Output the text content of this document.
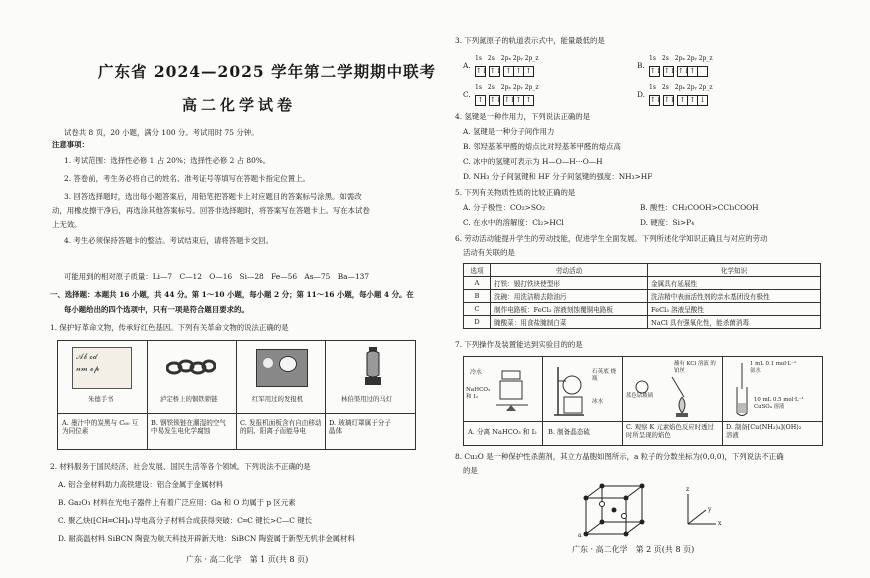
广东省 2024—2025 学年第二学期期中联考
高二化学试卷
试卷共 8 页，20 小题，满分 100 分。考试用时 75 分钟。
注意事项：
1. 考试范围：选择性必修 1 占 20%；选择性必修 2 占 80%。
2. 答卷前，考生务必将自己的姓名、准考证号等填写在答题卡指定位置上。
3. 回答选择题时，选出每小题答案后，用铅笔把答题卡上对应题目的答案标号涂黑。如需改
动，用橡皮擦干净后，再选涂其他答案标号。回答非选择题时，将答案写在答题卡上。写在本试卷
上无效。
4. 考生必须保持答题卡的整洁。考试结束后，请将答题卡交回。
可能用到的相对原子质量：Li—7　C—12　O—16　Si—28　Fe—56　As—75　Ba—137
一、选择题：本题共 16 小题，共 44 分。第 1～10 小题，每小题 2 分；第 11～16 小题，每小题 4 分。在
每小题给出的四个选项中，只有一项是符合题目要求的。
1. 保护好革命文物，传承好红色基因。下列有关革命文物的说法正确的是
𝒜𝒷 𝒸𝒹
𝓃𝓂 ℴ𝓅
朱德手书	泸定桥上的铜铁锁链	红军用过的发报机	林伯渠用过的马灯
A. 墨汁中的炭黑与 C₆₀ 互
为同位素
B. 钢铁锁链在潮湿的空气
中易发生电化学腐蚀
C. 发报机面板含有自由移动
的阴、阳离子而能导电
D. 玻璃灯罩属于分子
晶体
2. 材料服务于国民经济、社会发展、国民生活等各个领域。下列说法不正确的是
A. 铝合金材料助力高铁建设：铝合金属于金属材料
B. Ga₂O₃ 材料在光电子器件上有着广泛应用：Ga 和 O 均属于 p 区元素
C. 聚乙炔(⁅CH═CH⁆ₙ)导电高分子材料合成获得突破：C═C 键长>C—C 键长
D. 耐高温材料 SiBCN 陶瓷为航天科技开辟新天地：SiBCN 陶瓷属于新型无机非金属材料
广东 · 高二化学　第 1 页(共 8 页)
3. 下列氮原子的轨道表示式中，能量最低的是
1s　2s　2pₓ 2pᵧ 2p_z	1s　2s　2pₓ 2pᵧ 2p_z
1s　2s　2pₓ 2pᵧ 2p_z	1s　2s　2pₓ 2pᵧ 2p_z
A.
↑↓ ↑↓ ↑ ↑ ↑
B.
↑↓ ↑↓ ↑↓↑
C.
↑ ↑↓ ↑↓↑ ↑
D.
↑↓ ↑↓ ↑ ↑ ↓
4. 氢键是一种作用力，下列说法正确的是
A. 氢键是一种分子间作用力
B. 邻羟基苯甲醛的熔点比对羟基苯甲醛的熔点高
C. 冰中的氢键可表示为 H—O—H···O—H
D. NH₃ 分子间氢键和 HF 分子间氢键的强度：NH₃>HF
5. 下列有关物质性质的比较正确的是
A. 分子极性：CO₂>SO₂	B. 酸性：CH₂COOH>CCl₃COOH
C. 在水中的溶解度：Cl₂>HCl	D. 硬度：Si>P₄
6. 劳动活动能提升学生的劳动技能，促进学生全面发展。下列所述化学知识正确且与对应的劳动
活动有关联的是
选项	劳动活动	化学知识
A	打铁：锻打铁块使型形	金属具有延展性
B	洗碗：用洗洁精去除油污	洗洁精中表面活性剂的亲水基团没有极性
C	制作电路板：FeCl₃ 溶液刻蚀覆铜电路板	FeCl₃ 溶液呈酸性
D	腌酸菜：用食盐腌制白菜	NaCl 具有强氧化性，能杀菌消毒
7. 下列操作及装置能达到实验目的的是
冷水
NaHCO₃ 和 I₂
石英底 烧瓶
冰水
蘸有 KCl 溶液 的铂丝
蓝色钴玻璃
1 mL 0.1 mol·L⁻¹ 氨水
10 mL 0.5 mol·L⁻¹ CuSO₄ 溶液
A. 分离 NaHCO₃ 和 I₂ B. 制备晶态硫
C. 观察 K 元素焰色反应时透过
时所呈现的焰色
D. 制备[Cu(NH₃)₄](OH)₂
溶液
8. Cu₂O 是一种保护性杀菌剂，其立方晶胞如图所示，a 粒子的分数坐标为(0,0,0)，下列说法不正确
的是
a
z
y
x
广东 · 高二化学　第 2 页(共 8 页)
